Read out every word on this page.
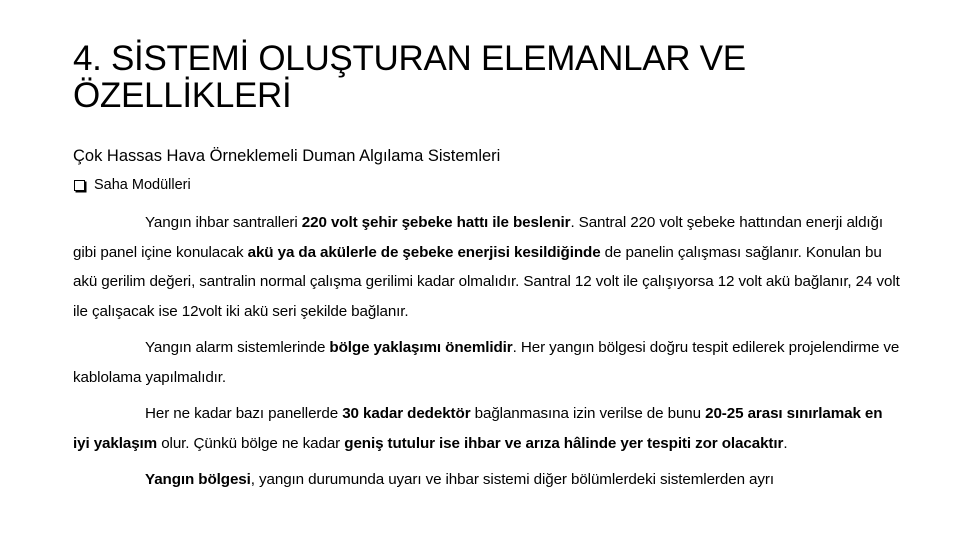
4. SİSTEMİ OLUŞTURAN ELEMANLAR VE ÖZELLİKLERİ
Çok Hassas Hava Örneklemeli Duman Algılama Sistemleri
Saha Modülleri

Yangın ihbar santralleri 220 volt şehir şebeke hattı ile beslenir. Santral 220 volt şebeke hattından enerji aldığı gibi panel içine konulacak akü ya da akülerle de şebeke enerjisi kesildiğinde de panelin çalışması sağlanır. Konulan bu akü gerilim değeri, santralin normal çalışma gerilimi kadar olmalıdır. Santral 12 volt ile çalışıyorsa 12 volt akü bağlanır, 24 volt ile çalışacak ise 12volt iki akü seri şekilde bağlanır.

Yangın alarm sistemlerinde bölge yaklaşımı önemlidir. Her yangın bölgesi doğru tespit edilerek projelendirme ve kablolama yapılmalıdır.

Her ne kadar bazı panellerde 30 kadar dedektör bağlanmasına izin verilse de bunu 20-25 arası sınırlamak en iyi yaklaşım olur. Çünkü bölge ne kadar geniş tutulur ise ihbar ve arıza hâlinde yer tespiti zor olacaktır.

Yangın bölgesi, yangın durumunda uyarı ve ihbar sistemi diğer bölümlerdeki sistemlerden ayrı
